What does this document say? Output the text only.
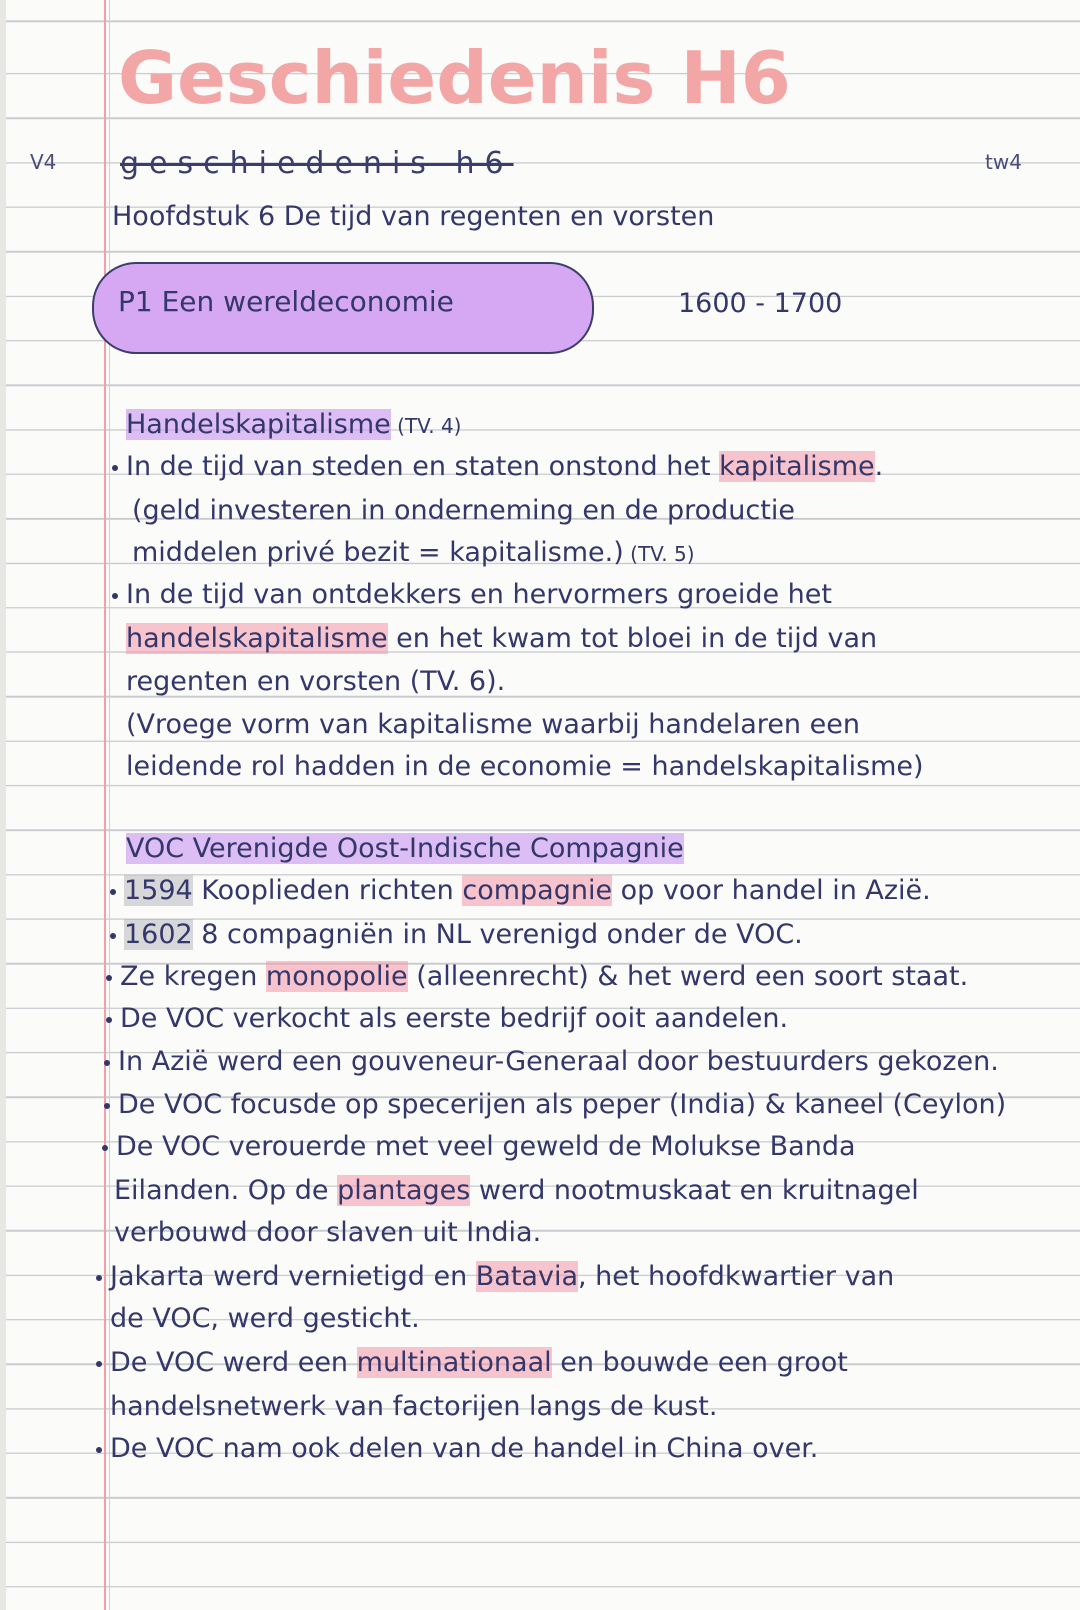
V4
Geschiedenis H6
geschiedenis h6	tw4
Hoofdstuk 6 De tijd van regenten en vorsten
P1 Een wereldeconomie	1600 - 1700
Handelskapitalisme (TV. 4)
In de tijd van steden en staten onstond het kapitalisme.
(geld investeren in onderneming en de productie
middelen privé bezit = kapitalisme.) (TV. 5)
In de tijd van ontdekkers en hervormers groeide het
handelskapitalisme en het kwam tot bloei in de tijd van
regenten en vorsten (TV. 6).
(Vroege vorm van kapitalisme waarbij handelaren een
leidende rol hadden in de economie = handelskapitalisme)
VOC Verenigde Oost-Indische Compagnie
1594 Kooplieden richten compagnie op voor handel in Azië.
1602 8 compagniën in NL verenigd onder de VOC.
Ze kregen monopolie (alleenrecht) & het werd een soort staat.
De VOC verkocht als eerste bedrijf ooit aandelen.
In Azië werd een gouveneur-Generaal door bestuurders gekozen.
De VOC focusde op specerijen als peper (India) & kaneel (Ceylon)
De VOC verouerde met veel geweld de Molukse Banda
Eilanden. Op de plantages werd nootmuskaat en kruitnagel
verbouwd door slaven uit India.
Jakarta werd vernietigd en Batavia, het hoofdkwartier van
de VOC, werd gesticht.
De VOC werd een multinationaal en bouwde een groot
handelsnetwerk van factorijen langs de kust.
De VOC nam ook delen van de handel in China over.
